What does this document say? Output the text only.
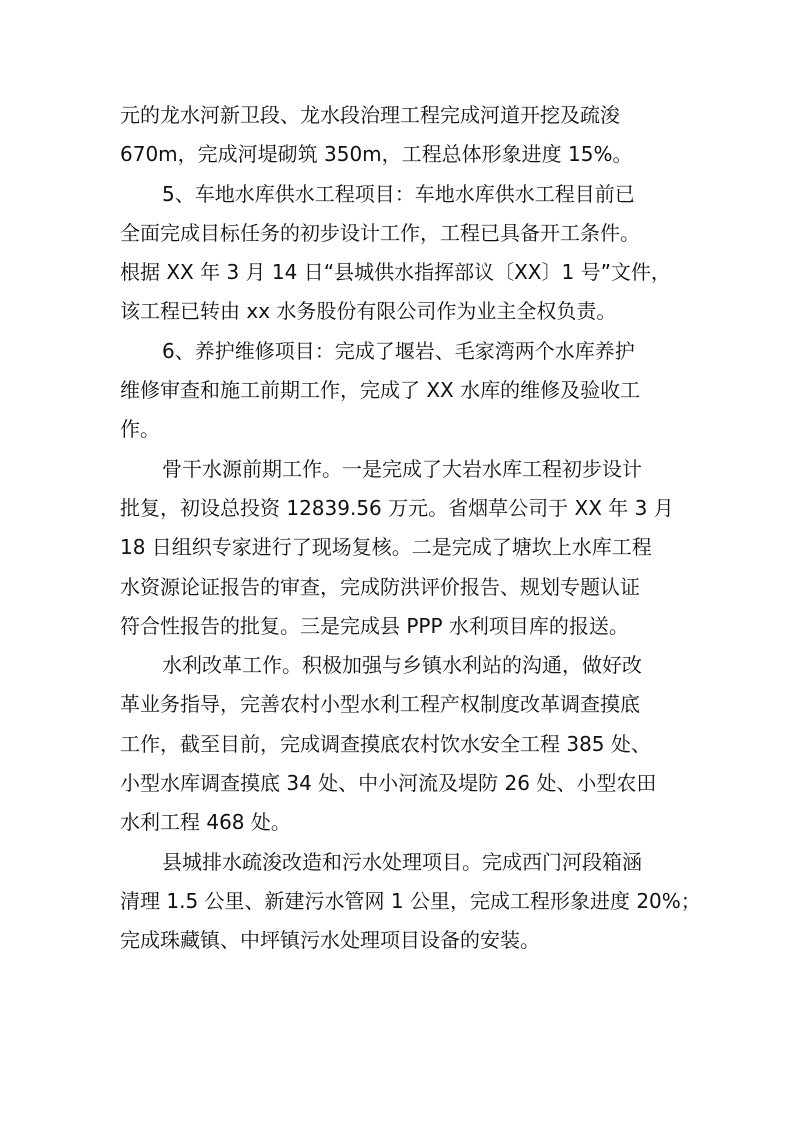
元的龙水河新卫段、龙水段治理工程完成河道开挖及疏浚
670m，完成河堤砌筑 350m，工程总体形象进度 15%。
5、车地水库供水工程项目：车地水库供水工程目前已
全面完成目标任务的初步设计工作，工程已具备开工条件。
根据 XX 年 3 月 14 日“县城供水指挥部议〔XX〕1 号”文件，
该工程已转由 xx 水务股份有限公司作为业主全权负责。
6、养护维修项目：完成了堰岩、毛家湾两个水库养护
维修审查和施工前期工作，完成了 XX 水库的维修及验收工
作。
骨干水源前期工作。一是完成了大岩水库工程初步设计
批复，初设总投资 12839.56 万元。省烟草公司于 XX 年 3 月
18 日组织专家进行了现场复核。二是完成了塘坎上水库工程
水资源论证报告的审查，完成防洪评价报告、规划专题认证
符合性报告的批复。三是完成县 PPP 水利项目库的报送。
水利改革工作。积极加强与乡镇水利站的沟通，做好改
革业务指导，完善农村小型水利工程产权制度改革调查摸底
工作，截至目前，完成调查摸底农村饮水安全工程 385 处、
小型水库调查摸底 34 处、中小河流及堤防 26 处、小型农田
水利工程 468 处。
县城排水疏浚改造和污水处理项目。完成西门河段箱涵
清理 1.5 公里、新建污水管网 1 公里，完成工程形象进度 20%；
完成珠藏镇、中坪镇污水处理项目设备的安装。
